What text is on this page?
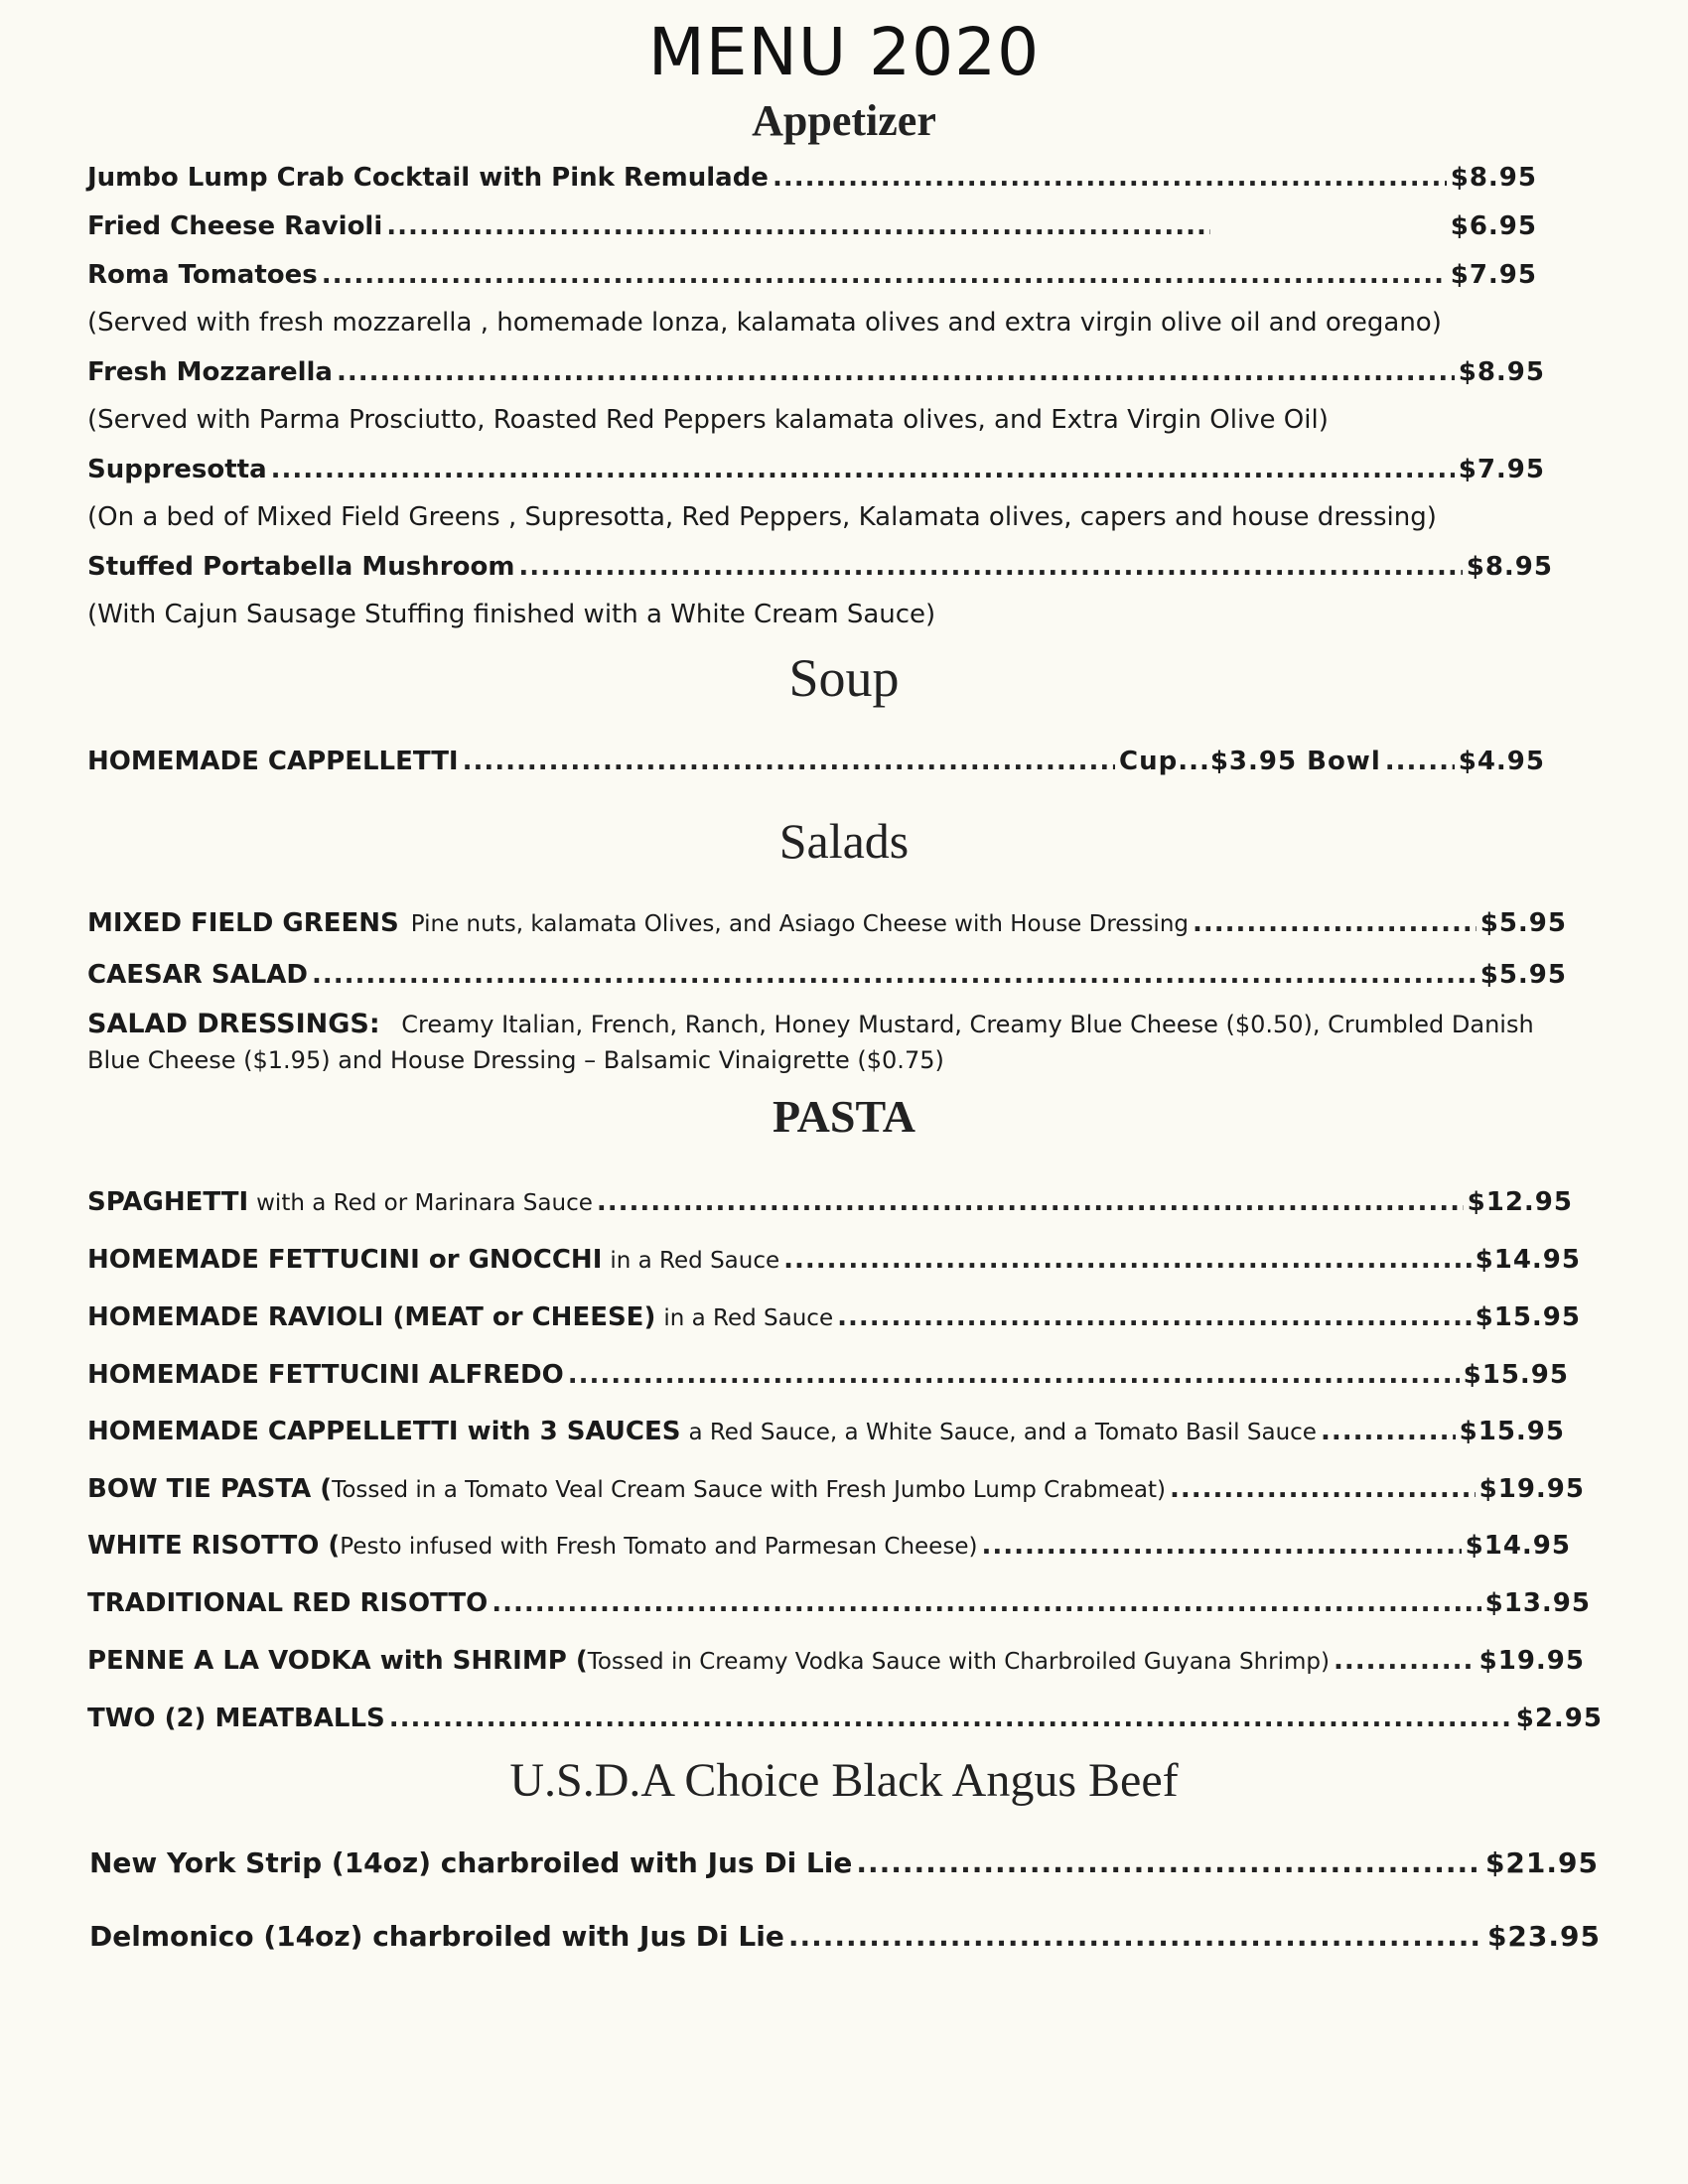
MENU 2020
Appetizer
Jumbo Lump Crab Cocktail with Pink Remulade .....	$8.95
Fried Cheese Ravioli .....	$6.95
Roma Tomatoes .....	$7.95
(Served with fresh mozzarella , homemade lonza, kalamata olives and extra virgin olive oil and oregano)
Fresh Mozzarella .....	$8.95
(Served with Parma Prosciutto, Roasted Red Peppers kalamata olives, and Extra Virgin Olive Oil)
Suppresotta .....	$7.95
(On a bed of Mixed Field Greens , Supresotta, Red Peppers, Kalamata olives, capers and house dressing)
Stuffed Portabella Mushroom .....	$8.95
(With Cajun Sausage Stuffing finished with a White Cream Sauce)
Soup
HOMEMADE CAPPELLETTI .....	Cup...$3.95 Bowl .....	$4.95
Salads
MIXED FIELD GREENS Pine nuts, kalamata Olives, and Asiago Cheese with House Dressing .....	$5.95
CAESAR SALAD .....	$5.95
SALAD DRESSINGS: Creamy Italian, French, Ranch, Honey Mustard, Creamy Blue Cheese ($0.50), Crumbled Danish Blue Cheese ($1.95) and House Dressing – Balsamic Vinaigrette ($0.75)
PASTA
SPAGHETTI with a Red or Marinara Sauce .....	$12.95
HOMEMADE FETTUCINI or GNOCCHI in a Red Sauce .....	$14.95
HOMEMADE RAVIOLI (MEAT or CHEESE) in a Red Sauce .....	$15.95
HOMEMADE FETTUCINI ALFREDO .....	$15.95
HOMEMADE CAPPELLETTI with 3 SAUCES a Red Sauce, a White Sauce, and a Tomato Basil Sauce .....	$15.95
BOW TIE PASTA ( Tossed in a Tomato Veal Cream Sauce with Fresh Jumbo Lump Crabmeat) .....	$19.95
WHITE RISOTTO ( Pesto infused with Fresh Tomato and Parmesan Cheese) .....	$14.95
TRADITIONAL RED RISOTTO .....	$13.95
PENNE A LA VODKA with SHRIMP ( Tossed in Creamy Vodka Sauce with Charbroiled Guyana Shrimp) .....	$19.95
TWO (2) MEATBALLS .....	$2.95
U.S.D.A Choice Black Angus Beef
New York Strip (14oz) charbroiled with Jus Di Lie .....	$21.95
Delmonico (14oz) charbroiled with Jus Di Lie .....	$23.95
